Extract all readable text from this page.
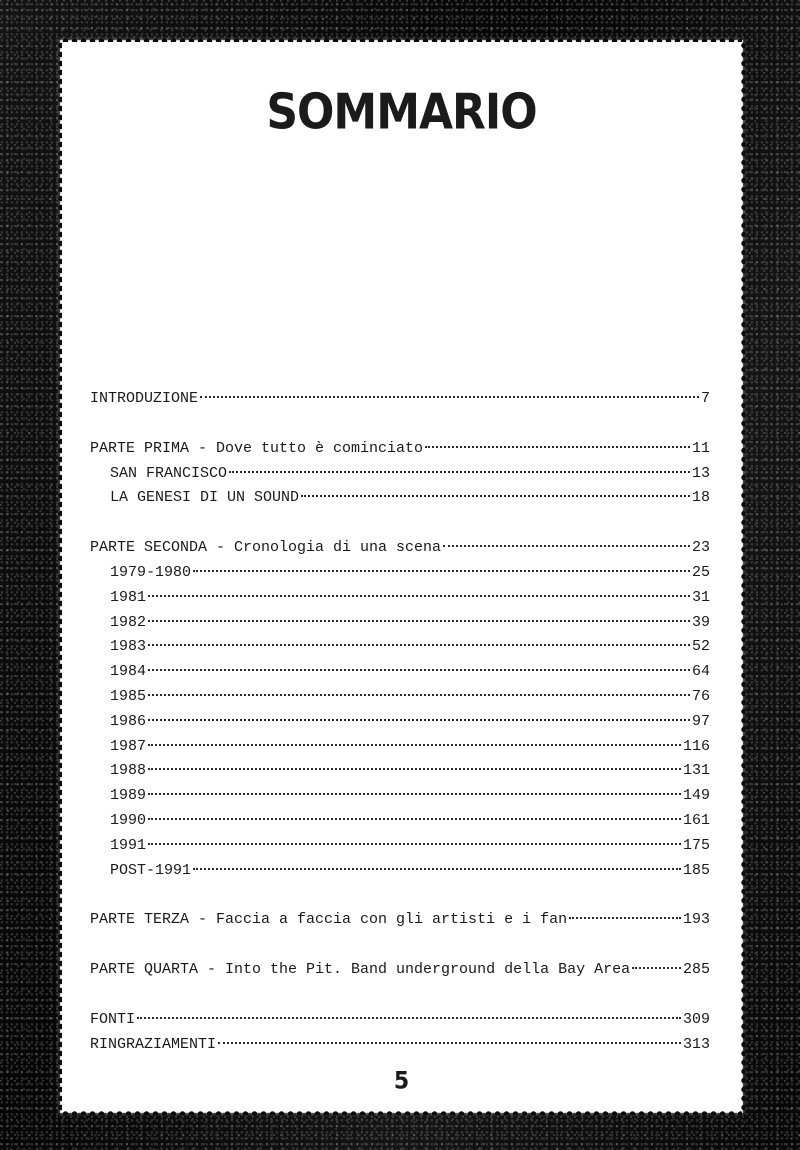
SOMMARIO
INTRODUZIONE	7
PARTE PRIMA - Dove tutto è cominciato	11
SAN FRANCISCO	13
LA GENESI DI UN SOUND	18
PARTE SECONDA - Cronologia di una scena	23
1979-1980	25
1981	31
1982	39
1983	52
1984	64
1985	76
1986	97
1987	116
1988	131
1989	149
1990	161
1991	175
POST-1991	185
PARTE TERZA - Faccia a faccia con gli artisti e i fan	193
PARTE QUARTA - Into the Pit. Band underground della Bay Area	285
FONTI	309
RINGRAZIAMENTI	313
5
